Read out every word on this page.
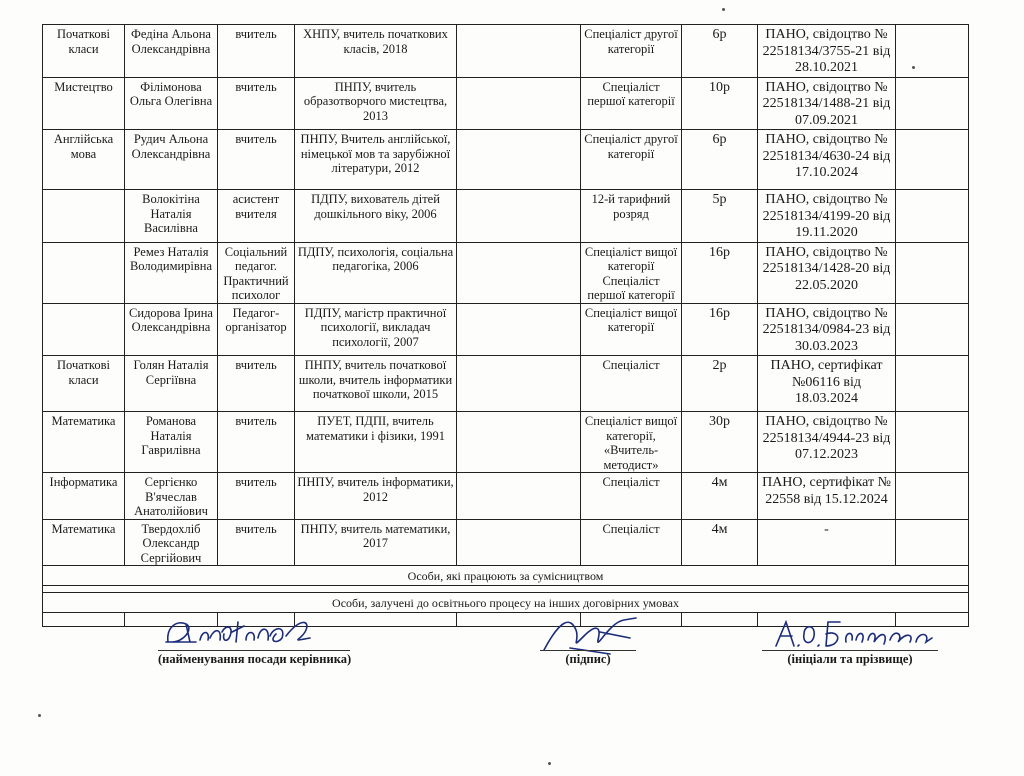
Початкові класи	Федіна Альона Олександрівна	вчитель	ХНПУ, вчитель початкових класів, 2018		Спеціаліст другої категорії	6р	ПАНО, свідоцтво № 22518134/3755-21 від 28.10.2021	
Мистецтво	Філімонова Ольга Олегівна	вчитель	ПНПУ, вчитель образотворчого мистецтва, 2013		Спеціаліст першої категорії	10р	ПАНО, свідоцтво № 22518134/1488-21 від 07.09.2021	
Англійська мова	Рудич Альона Олександрівна	вчитель	ПНПУ, Вчитель англійської, німецької мов та зарубіжної літератури, 2012		Спеціаліст другої категорії	6р	ПАНО, свідоцтво № 22518134/4630-24 від 17.10.2024	
	Волокітіна Наталія Василівна	асистент вчителя	ПДПУ, вихователь дітей дошкільного віку, 2006		12-й тарифний розряд	5р	ПАНО, свідоцтво № 22518134/4199-20 від 19.11.2020	
	Ремез Наталія Володимирівна	Соціальний педагог. Практичний психолог	ПДПУ, психологія, соціальна педагогіка, 2006		Спеціаліст вищої категорії Спеціаліст першої категорії	16р	ПАНО, свідоцтво № 22518134/1428-20 від 22.05.2020	
	Сидорова Ірина Олександрівна	Педагог-організатор	ПДПУ, магістр практичної психології, викладач психології, 2007		Спеціаліст вищої категорії	16р	ПАНО, свідоцтво № 22518134/0984-23 від 30.03.2023	
Початкові класи	Голян Наталія Сергіївна	вчитель	ПНПУ, вчитель початкової школи, вчитель інформатики початкової школи, 2015		Спеціаліст	2р	ПАНО, сертифікат №06116 від 18.03.2024	
Математика	Романова Наталія Гаврилівна	вчитель	ПУЕТ, ПДПІ, вчитель математики і фізики, 1991		Спеціаліст вищої категорії, «Вчитель-методист»	30р	ПАНО, свідоцтво № 22518134/4944-23 від 07.12.2023	
Інформатика	Сергієнко В'ячеслав Анатолійович	вчитель	ПНПУ, вчитель інформатики, 2012		Спеціаліст	4м	ПАНО, сертифікат № 22558 від 15.12.2024	
Математика	Твердохліб Олександр Сергійович	вчитель	ПНПУ, вчитель математики, 2017		Спеціаліст	4м	-	
Особи, які працюють за сумісництвом								

Особи, залучені до освітнього процесу на інших договірних умовах								

(найменування посади керівника)	(підпис)	(ініціали та прізвище)
